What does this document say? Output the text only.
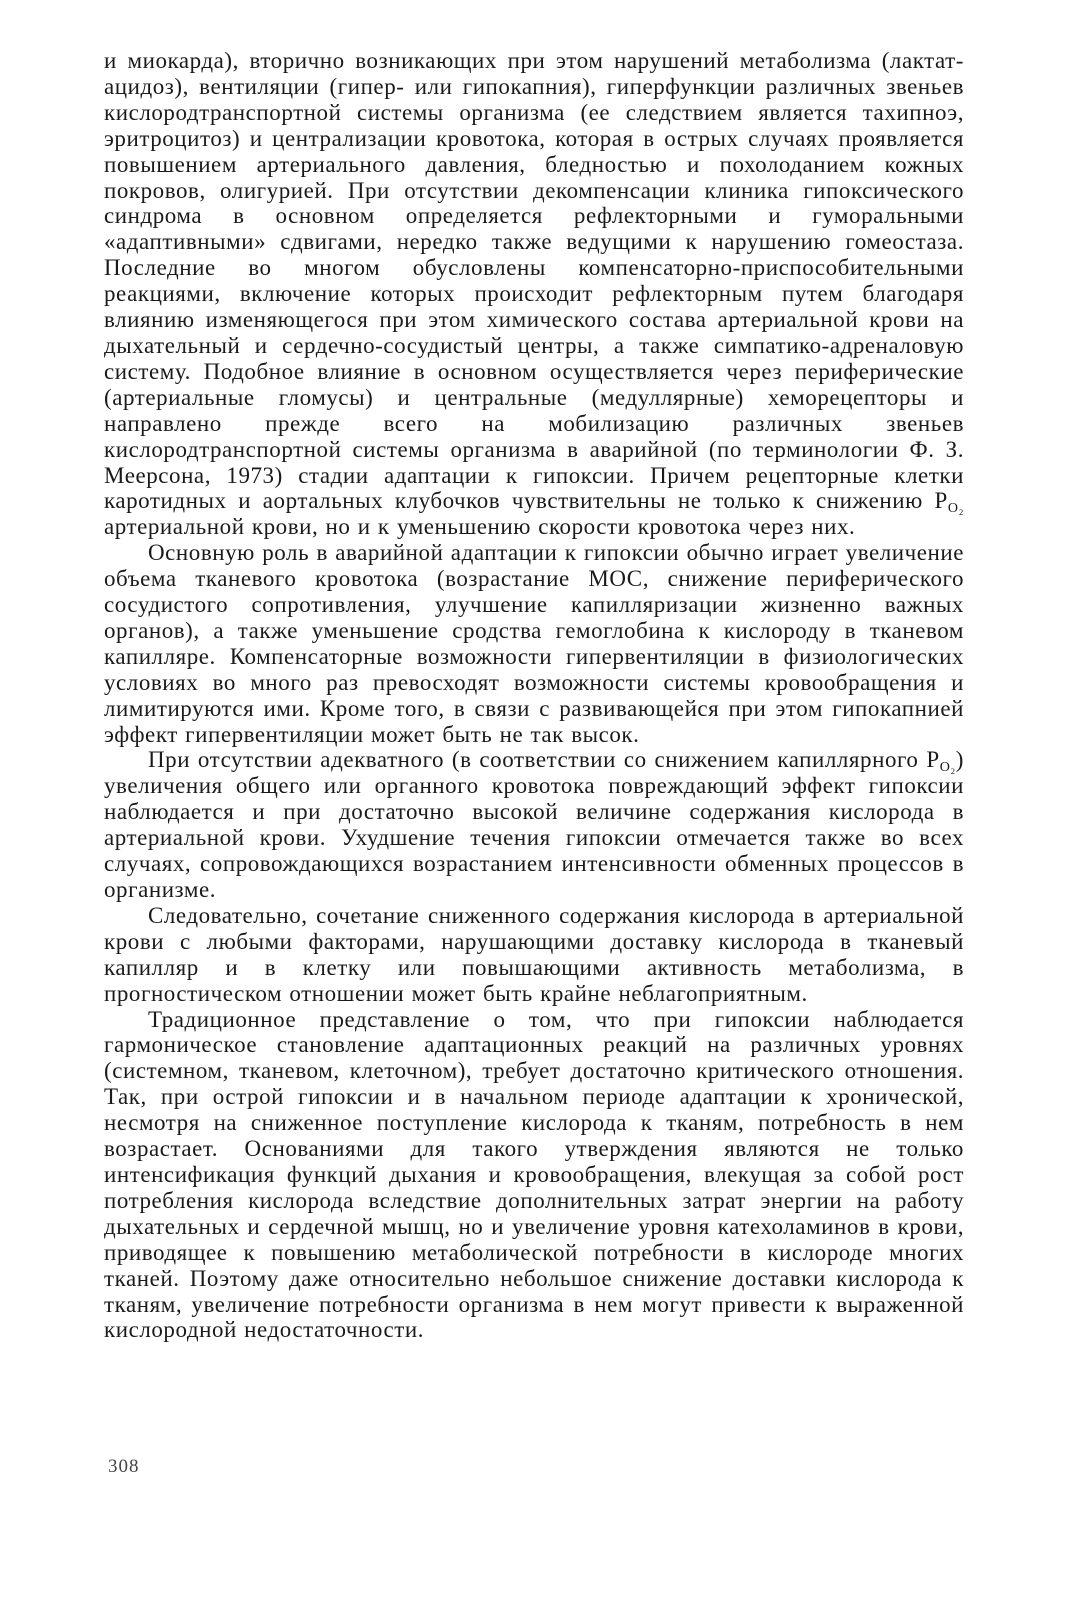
и миокарда), вторично возникающих при этом нарушений метаболизма (лактат-ацидоз), вентиляции (гипер- или гипокапния), гиперфункции различных звеньев кислородтранспортной системы организма (ее следствием является тахипноэ, эритроцитоз) и централизации кровотока, которая в острых случаях проявляется повышением артериального давления, бледностью и похолоданием кожных покровов, олигурией. При отсутствии декомпенсации клиника гипоксического синдрома в основном определяется рефлекторными и гуморальными «адаптивными» сдвигами, нередко также ведущими к нарушению гомеостаза. Последние во многом обусловлены компенсаторно-приспособительными реакциями, включение которых происходит рефлекторным путем благодаря влиянию изменяющегося при этом химического состава артериальной крови на дыхательный и сердечно-сосудистый центры, а также симпатико-адреналовую систему. Подобное влияние в основном осуществляется через периферические (артериальные гломусы) и центральные (медуллярные) хеморецепторы и направлено прежде всего на мобилизацию различных звеньев кислородтранспортной системы организма в аварийной (по терминологии Ф. З. Меерсона, 1973) стадии адаптации к гипоксии. Причем рецепторные клетки каротидных и аортальных клубочков чувствительны не только к снижению $P_{O_2}$ артериальной крови, но и к уменьшению скорости кровотока через них.

Основную роль в аварийной адаптации к гипоксии обычно играет увеличение объема тканевого кровотока (возрастание МОС, снижение периферического сосудистого сопротивления, улучшение капилляризации жизненно важных органов), а также уменьшение сродства гемоглобина к кислороду в тканевом капилляре. Компенсаторные возможности гипервентиляции в физиологических условиях во много раз превосходят возможности системы кровообращения и лимитируются ими. Кроме того, в связи с развивающейся при этом гипокапнией эффект гипервентиляции может быть не так высок.

При отсутствии адекватного (в соответствии со снижением капиллярного $P_{O_2}$) увеличения общего или органного кровотока повреждающий эффект гипоксии наблюдается и при достаточно высокой величине содержания кислорода в артериальной крови. Ухудшение течения гипоксии отмечается также во всех случаях, сопровождающихся возрастанием интенсивности обменных процессов в организме.

Следовательно, сочетание сниженного содержания кислорода в артериальной крови с любыми факторами, нарушающими доставку кислорода в тканевый капилляр и в клетку или повышающими активность метаболизма, в прогностическом отношении может быть крайне неблагоприятным.

Традиционное представление о том, что при гипоксии наблюдается гармоническое становление адаптационных реакций на различных уровнях (системном, тканевом, клеточном), требует достаточно критического отношения. Так, при острой гипоксии и в начальном периоде адаптации к хронической, несмотря на сниженное поступление кислорода к тканям, потребность в нем возрастает. Основаниями для такого утверждения являются не только интенсификация функций дыхания и кровообращения, влекущая за собой рост потребления кислорода вследствие дополнительных затрат энергии на работу дыхательных и сердечной мышц, но и увеличение уровня катехоламинов в крови, приводящее к повышению метаболической потребности в кислороде многих тканей. Поэтому даже относительно небольшое снижение доставки кислорода к тканям, увеличение потребности организма в нем могут привести к выраженной кислородной недостаточности.

308
